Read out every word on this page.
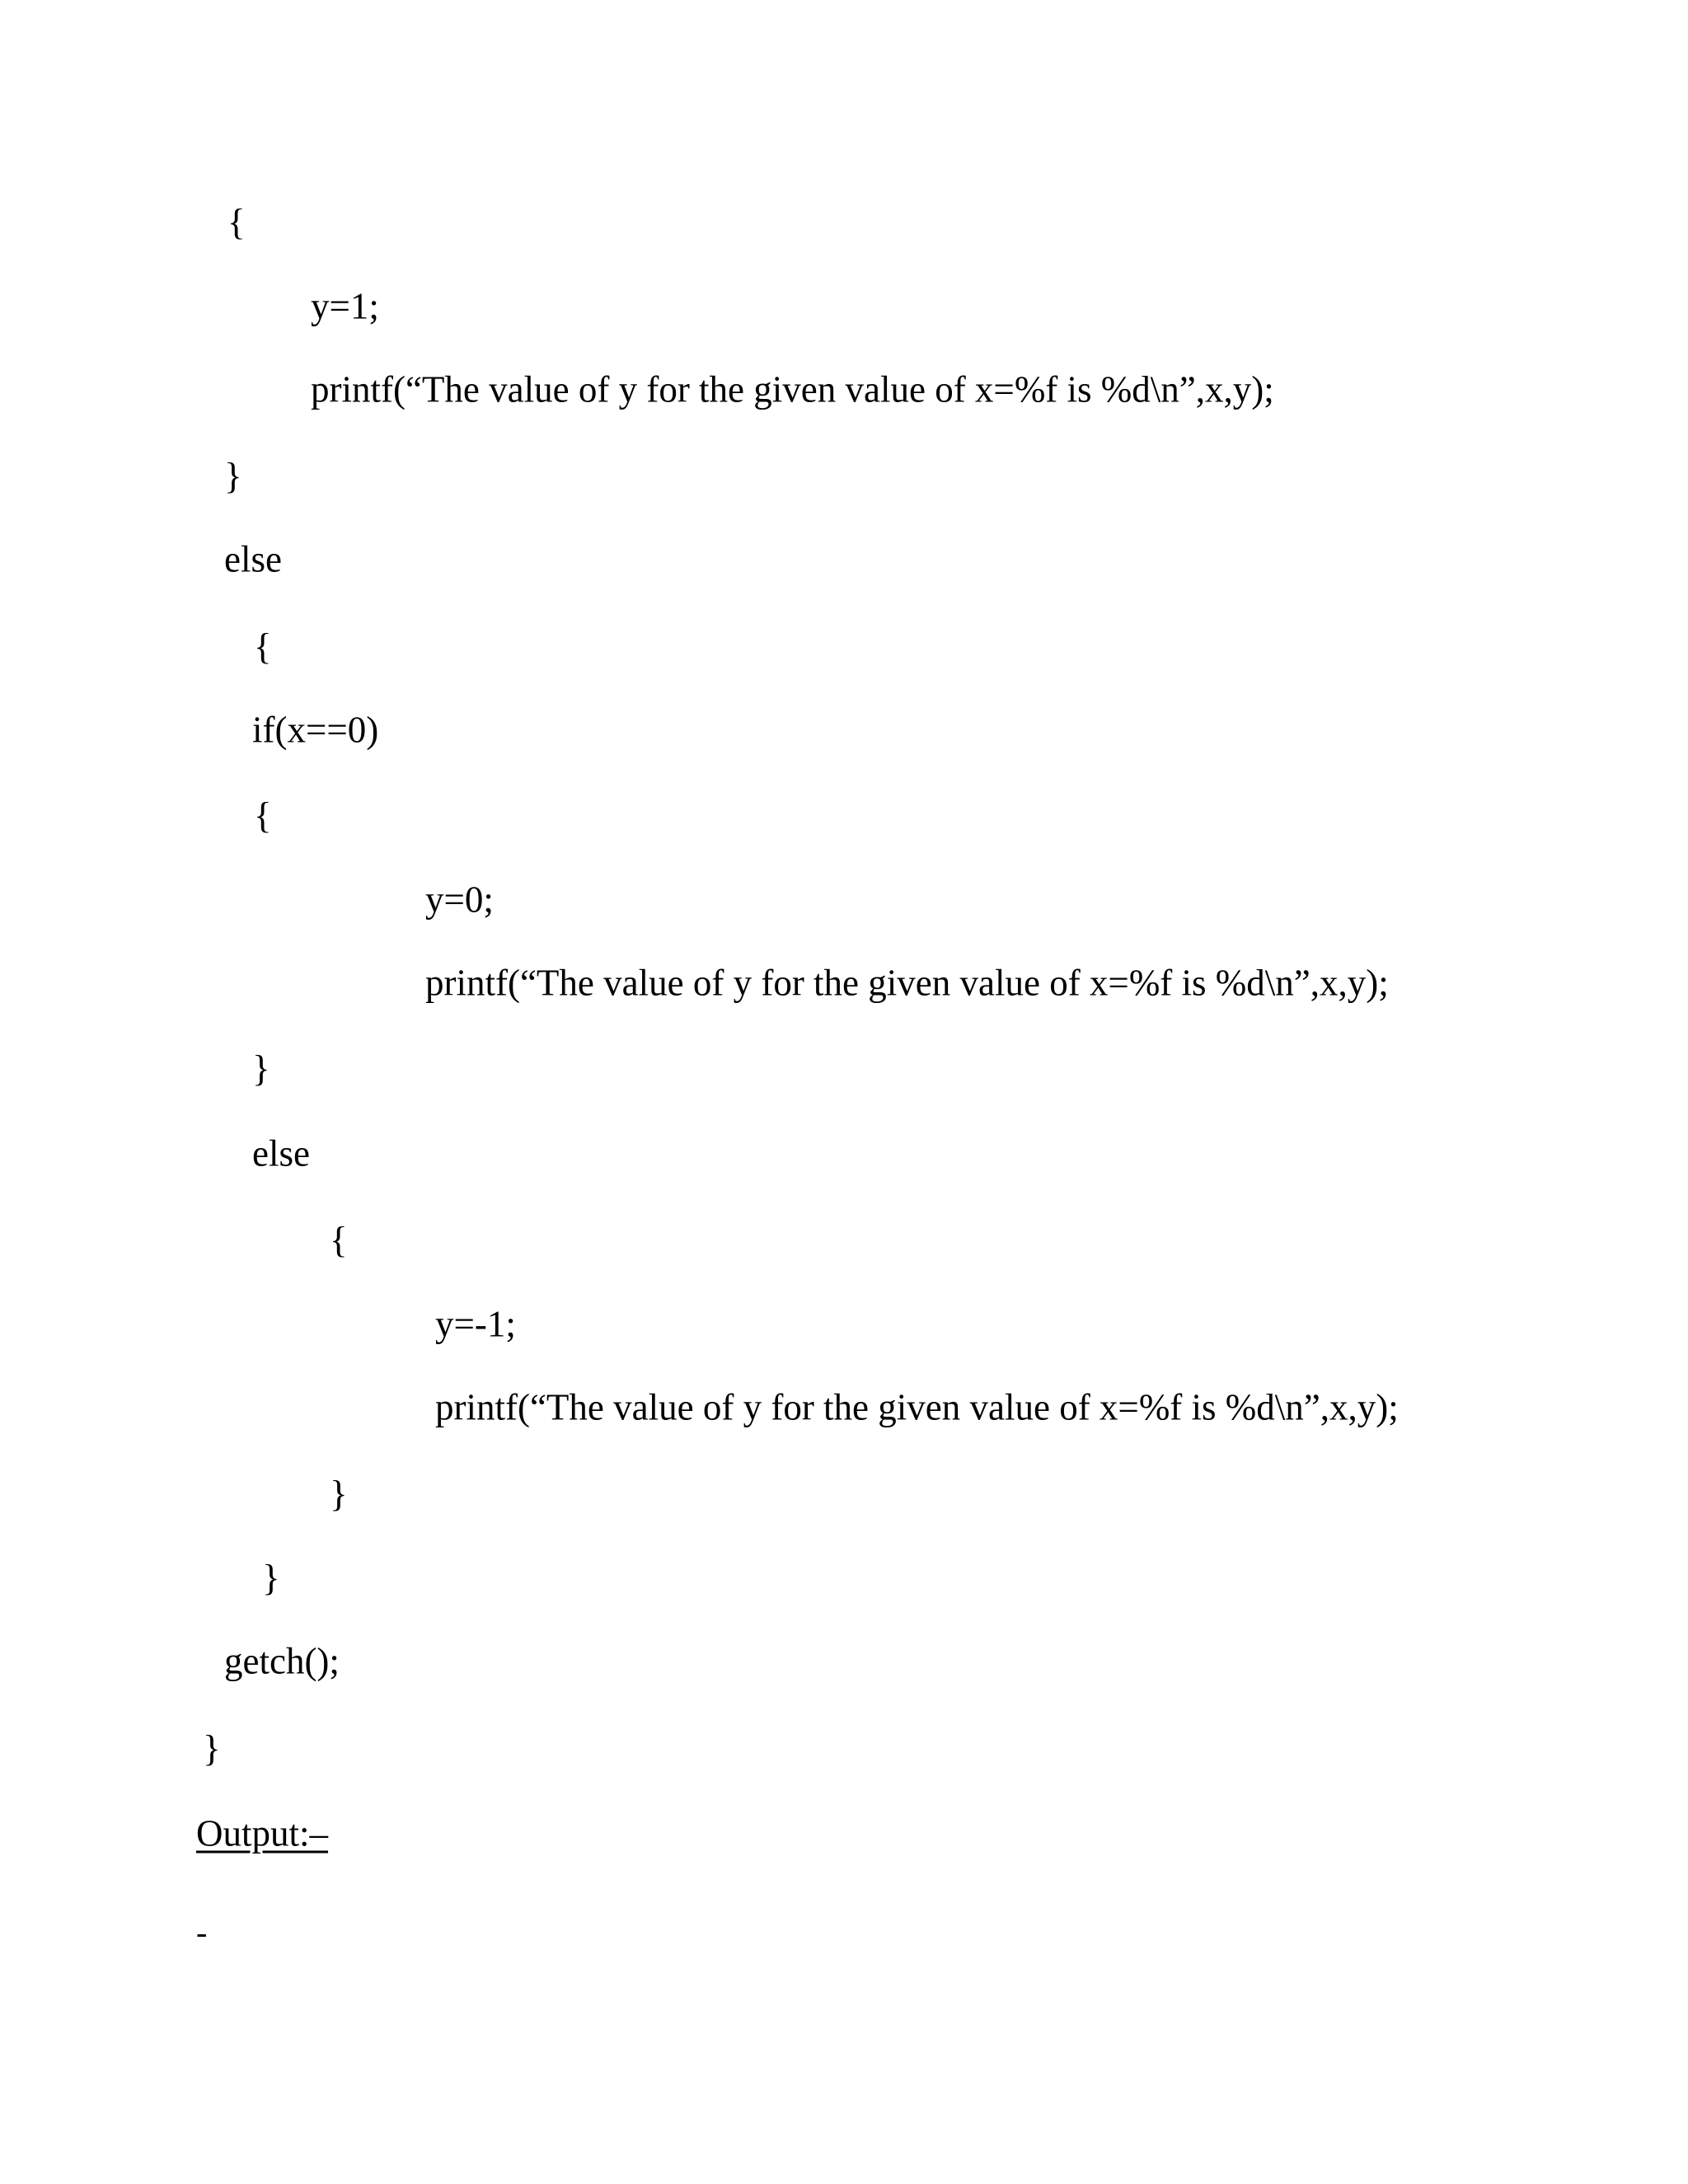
{
y=1;
printf(“The value of y for the given value of x=%f is %d\n”,x,y);
}
else
{
if(x==0)
{
y=0;
printf(“The value of y for the given value of x=%f is %d\n”,x,y);
}
else
{
y=-1;
printf(“The value of y for the given value of x=%f is %d\n”,x,y);
}
}
getch();
}
Output:–
-
